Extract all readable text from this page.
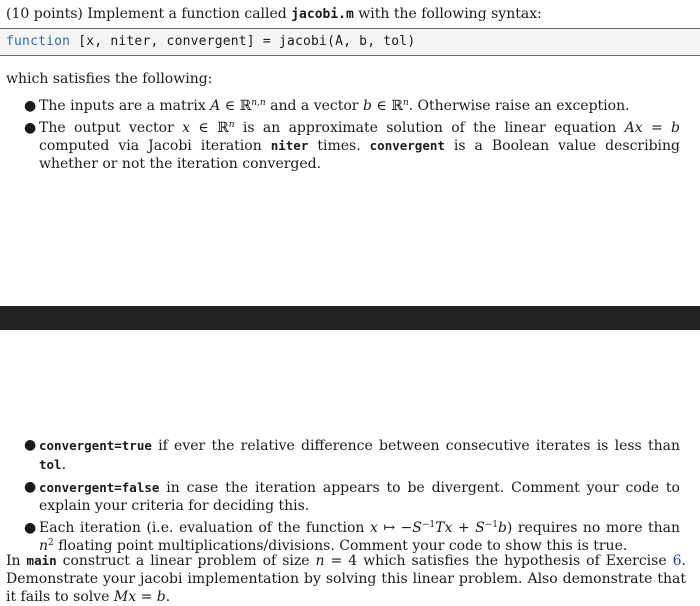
(10 points) Implement a function called jacobi.m with the following syntax:
function [x, niter, convergent] = jacobi(A, b, tol)
which satisfies the following:
● The inputs are a matrix A ∈ ℝ$^{n,n}$ and a vector b ∈ ℝ$^n$. Otherwise raise an exception.
● The output vector x ∈ ℝ$^n$ is an approximate solution of the linear equation Ax = b computed via Jacobi iteration niter times. convergent is a Boolean value describing whether or not the iteration converged.
● convergent=true if ever the relative difference between consecutive iterates is less than tol.
● convergent=false in case the iteration appears to be divergent. Comment your code to explain your criteria for deciding this.
● Each iteration (i.e. evaluation of the function x ↦ $-S^{-1}Tx + S^{-1}b$) requires no more than $n^2$ floating point multiplications/divisions. Comment your code to show this is true.
In main construct a linear problem of size n = 4 which satisfies the hypothesis of Exercise 6. Demonstrate your jacobi implementation by solving this linear problem. Also demonstrate that it fails to solve Mx = b.
